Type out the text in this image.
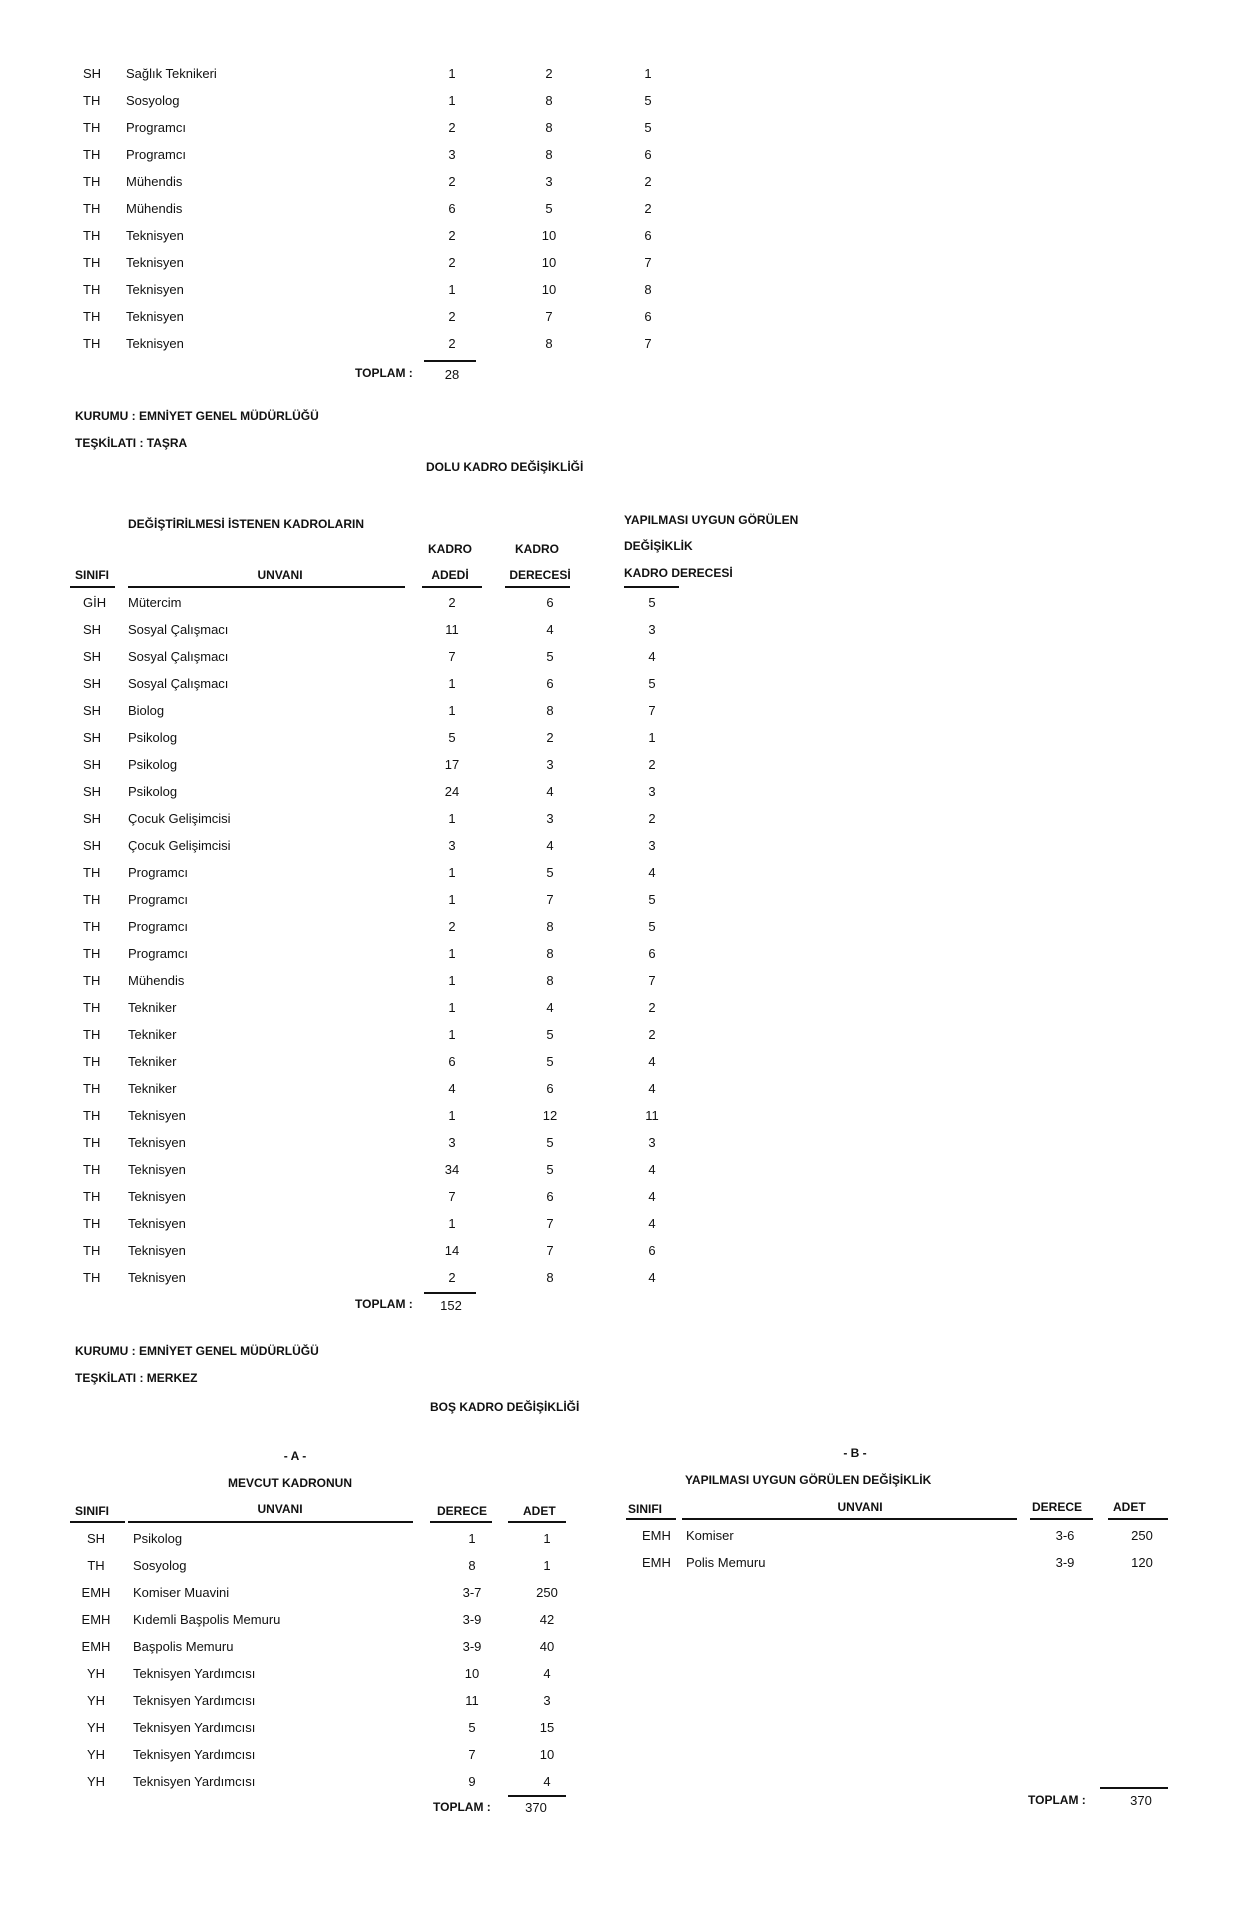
SH Sağlık Teknikeri	1	2	1
TH Sosyolog	1	8	5
TH Programcı	2	8	5
TH Programcı	3	8	6
TH Mühendis	2	3	2
TH Mühendis	6	5	2
TH Teknisyen	2	10	6
TH Teknisyen	2	10	7
TH Teknisyen	1	10	8
TH Teknisyen	2	7	6
TH Teknisyen	2	8	7
TOPLAM :	28
KURUMU : EMNİYET GENEL MÜDÜRLÜĞÜ
TEŞKİLATI : TAŞRA
DOLU KADRO DEĞİŞİKLİĞİ
DEĞİŞTİRİLMESİ İSTENEN KADROLARIN	YAPILMASI UYGUN GÖRÜLEN
DEĞİŞİKLİK
KADRO DERECESİ
KADRO	KADRO
SINIFI	UNVANI	ADEDİ	DERECESİ
GİH Mütercim	2	6	5
SH Sosyal Çalışmacı	11	4	3
SH Sosyal Çalışmacı	7	5	4
SH Sosyal Çalışmacı	1	6	5
SH Biolog	1	8	7
SH Psikolog	5	2	1
SH Psikolog	17	3	2
SH Psikolog	24	4	3
SH Çocuk Gelişimcisi	1	3	2
SH Çocuk Gelişimcisi	3	4	3
TH Programcı	1	5	4
TH Programcı	1	7	5
TH Programcı	2	8	5
TH Programcı	1	8	6
TH Mühendis	1	8	7
TH Tekniker	1	4	2
TH Tekniker	1	5	2
TH Tekniker	6	5	4
TH Tekniker	4	6	4
TH Teknisyen	1	12	11
TH Teknisyen	3	5	3
TH Teknisyen	34	5	4
TH Teknisyen	7	6	4
TH Teknisyen	1	7	4
TH Teknisyen	14	7	6
TH Teknisyen	2	8	4
TOPLAM :	152
KURUMU : EMNİYET GENEL MÜDÜRLÜĞÜ
TEŞKİLATI : MERKEZ
BOŞ KADRO DEĞİŞİKLİĞİ
- A -
MEVCUT KADRONUN
- B -
YAPILMASI UYGUN GÖRÜLEN DEĞİŞİKLİK
SINIFI	UNVANI	DERECE	ADET	SINIFI	UNVANI	DERECE	ADET
SH	Psikolog	1	1
TH	Sosyolog	8	1
EMH Komiser Muavini	3-7	250
EMH Kıdemli Başpolis Memuru	3-9	42
EMH Başpolis Memuru	3-9	40
YH	Teknisyen Yardımcısı	10	4
YH	Teknisyen Yardımcısı	11	3
YH	Teknisyen Yardımcısı	5	15
YH	Teknisyen Yardımcısı	7	10
YH	Teknisyen Yardımcısı	9	4
EMH Komiser	3-6	250
EMH Polis Memuru	3-9	120
TOPLAM :	370	TOPLAM :	370
